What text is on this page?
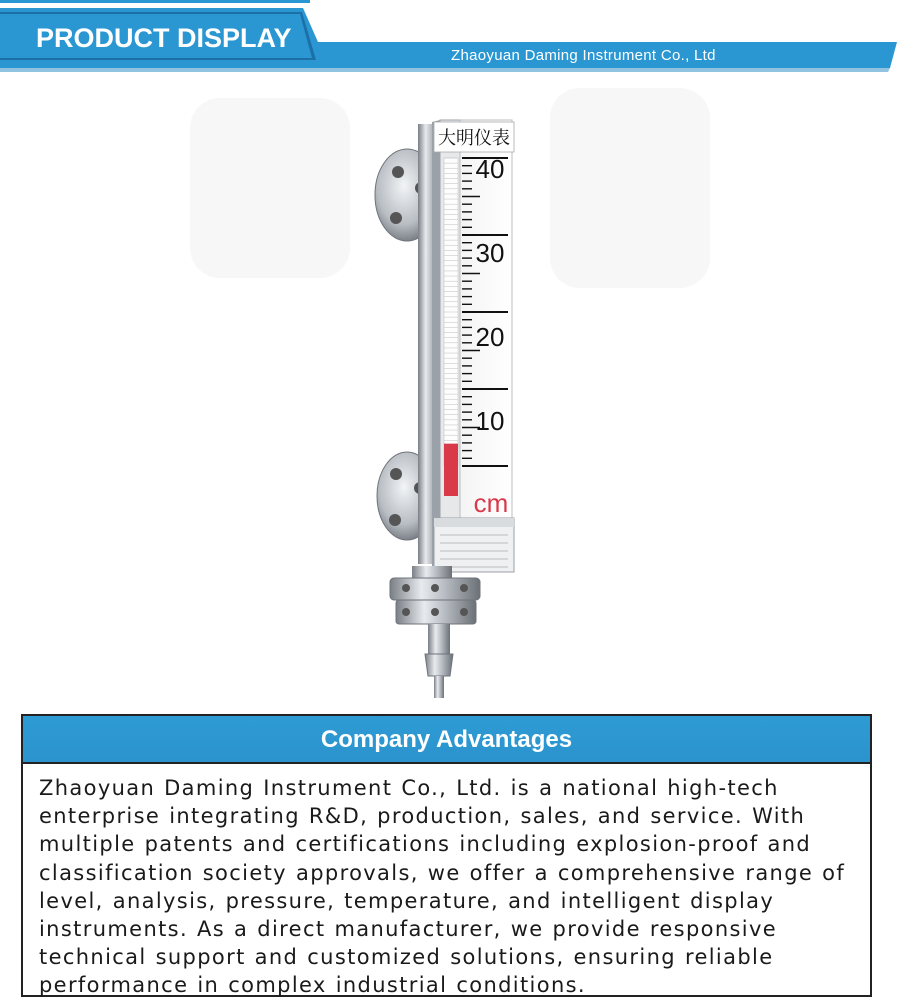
PRODUCT DISPLAY
Zhaoyuan Daming Instrument Co., Ltd
大明仪表
40
30
20
10
cm
Company Advantages
Zhaoyuan Daming Instrument Co., Ltd. is a national high-tech enterprise integrating R&D, production, sales, and service. With multiple patents and certifications including explosion-proof and classification society approvals, we offer a comprehensive range of level, analysis, pressure, temperature, and intelligent display instruments. As a direct manufacturer, we provide responsive technical support and customized solutions, ensuring reliable performance in complex industrial conditions.
